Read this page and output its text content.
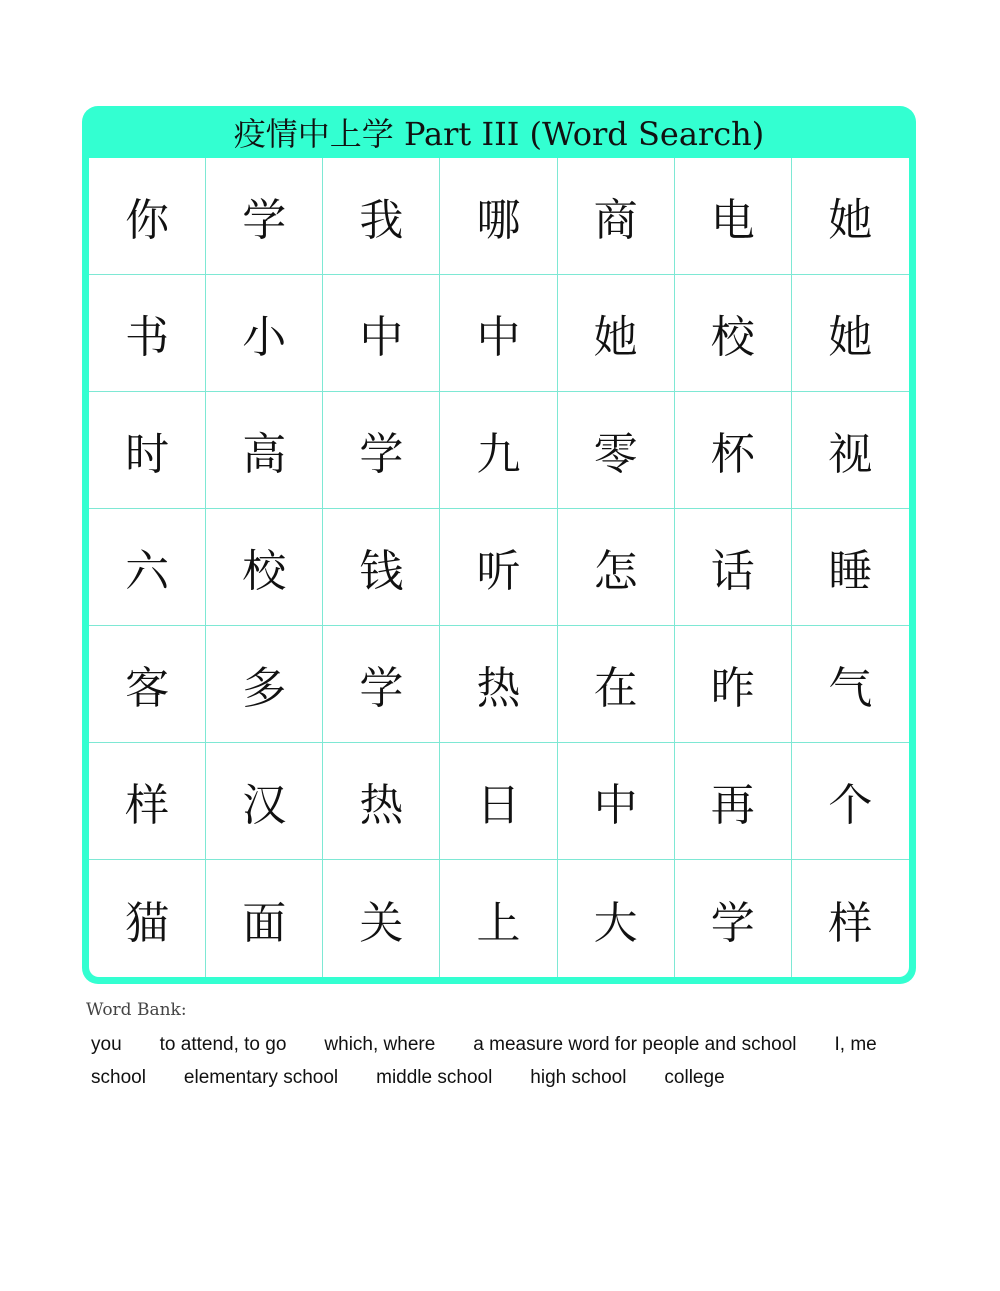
疫情中上学 Part III (Word Search)
你	学	我	哪	商	电	她
书	小	中	中	她	校	她
时	高	学	九	零	杯	视
六	校	钱	听	怎	话	睡
客	多	学	热	在	昨	气
样	汉	热	日	中	再	个
猫	面	关	上	大	学	样
Word Bank:
you to attend, to go which, where a measure word for people and school I, me
school elementary school middle school high school college
